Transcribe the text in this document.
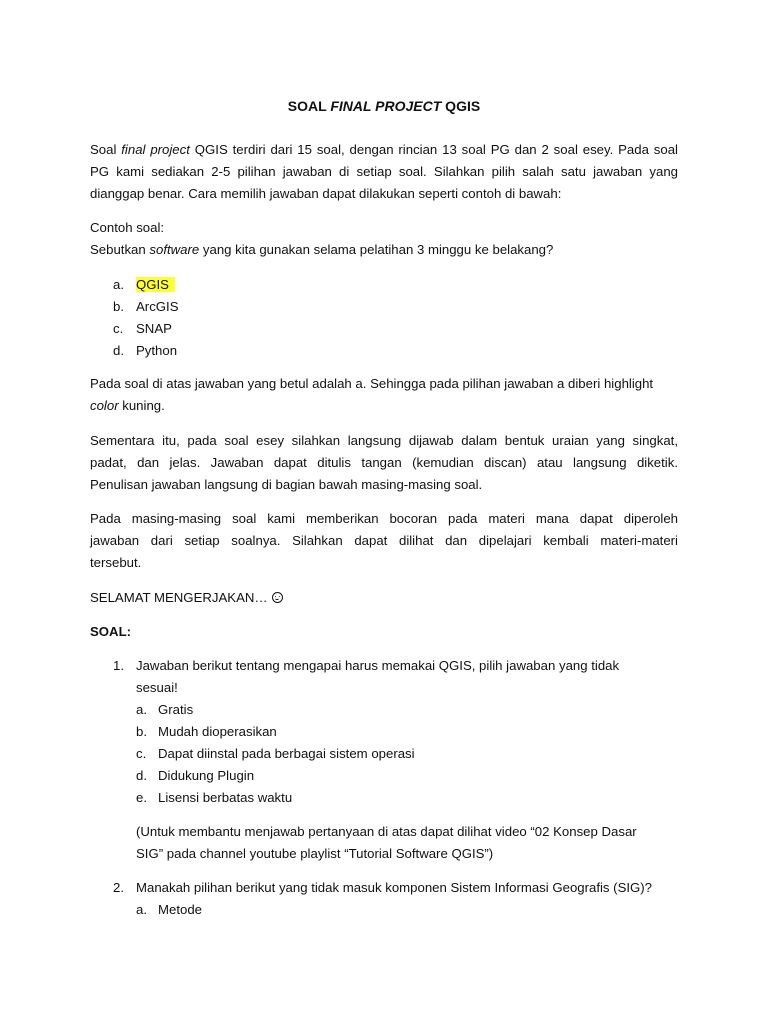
SOAL FINAL PROJECT QGIS
Soal final project QGIS terdiri dari 15 soal, dengan rincian 13 soal PG dan 2 soal esey. Pada soal
PG kami sediakan 2-5 pilihan jawaban di setiap soal. Silahkan pilih salah satu jawaban yang
dianggap benar. Cara memilih jawaban dapat dilakukan seperti contoh di bawah:
Contoh soal:
Sebutkan software yang kita gunakan selama pelatihan 3 minggu ke belakang?
a. QGIS
b. ArcGIS
c. SNAP
d. Python
Pada soal di atas jawaban yang betul adalah a. Sehingga pada pilihan jawaban a diberi highlight
color kuning.
Sementara itu, pada soal esey silahkan langsung dijawab dalam bentuk uraian yang singkat,
padat, dan jelas. Jawaban dapat ditulis tangan (kemudian discan) atau langsung diketik.
Penulisan jawaban langsung di bagian bawah masing-masing soal.
Pada masing-masing soal kami memberikan bocoran pada materi mana dapat diperoleh
jawaban dari setiap soalnya. Silahkan dapat dilihat dan dipelajari kembali materi-materi
tersebut.
SELAMAT MENGERJAKAN…
SOAL:
1. Jawaban berikut tentang mengapai harus memakai QGIS, pilih jawaban yang tidak
sesuai!
a. Gratis
b. Mudah dioperasikan
c. Dapat diinstal pada berbagai sistem operasi
d. Didukung Plugin
e. Lisensi berbatas waktu
(Untuk membantu menjawab pertanyaan di atas dapat dilihat video “02 Konsep Dasar
SIG” pada channel youtube playlist “Tutorial Software QGIS”)
2. Manakah pilihan berikut yang tidak masuk komponen Sistem Informasi Geografis (SIG)?
a. Metode
